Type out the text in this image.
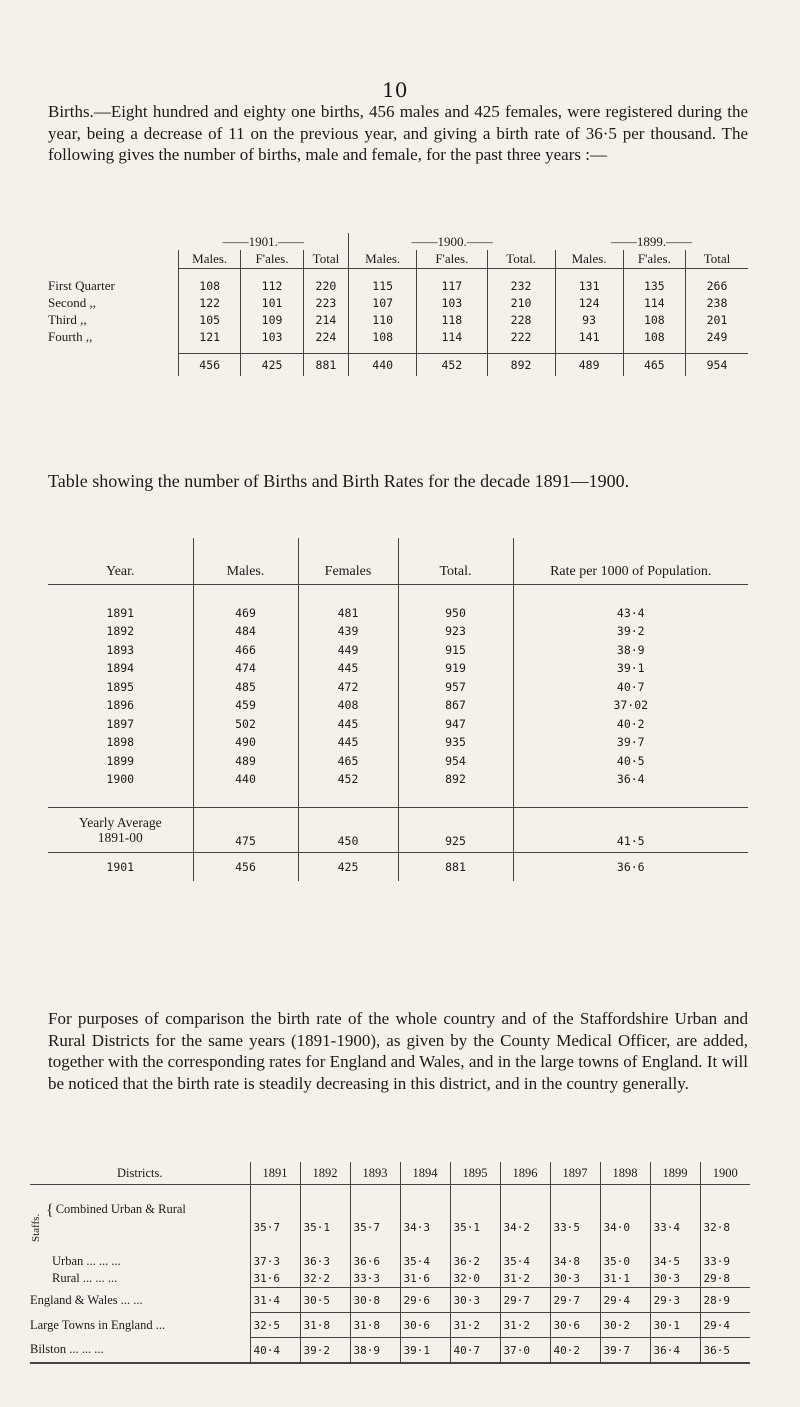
10
Births.—Eight hundred and eighty one births, 456 males and 425 females, were registered during the year, being a decrease of 11 on the previous year, and giving a birth rate of 36·5 per thousand. The following gives the number of births, male and female, for the past three years :—
	——1901.——			——1900.——			——1899.——		
	Males.	F'ales.	Total	Males.	F'ales.	Total.	Males.	F'ales.	Total

First Quarter	108	112	220	115	117	232	131	135	266
Second ,,	122	101	223	107	103	210	124	114	238
Third ,,	105	109	214	110	118	228	93	108	201
Fourth ,,	121	103	224	108	114	222	141	108	249

	456	425	881	440	452	892	489	465	954
Table showing the number of Births and Birth Rates for the decade 1891—1900.
Year.	Males.	Females	Total.	Rate per 1000 of Population.

1891	469	481	950	43·4
1892	484	439	923	39·2
1893	466	449	915	38·9
1894	474	445	919	39·1
1895	485	472	957	40·7
1896	459	408	867	37·02
1897	502	445	947	40·2
1898	490	445	935	39·7
1899	489	465	954	40·5
1900	440	452	892	36·4

Yearly Average
1891-00	475	450	925	41·5
1901	456	425	881	36·6
For purposes of comparison the birth rate of the whole country and of the Staffordshire Urban and Rural Districts for the same years (1891-1900), as given by the County Medical Officer, are added, together with the corresponding rates for England and Wales, and in the large towns of England. It will be noticed that the birth rate is steadily decreasing in this district, and in the country generally.
Districts.	1891	1892	1893	1894	1895	1896	1897	1898	1899	1900

Staffs.
{ Combined Urban & Rural	35·7	35·1	35·7	34·3	35·1	34·2	33·5	34·0	33·4	32·8
Urban ... ... ...	37·3	36·3	36·6	35·4	36·2	35·4	34·8	35·0	34·5	33·9
Rural ... ... ...	31·6	32·2	33·3	31·6	32·0	31·2	30·3	31·1	30·3	29·8
England & Wales ... ...	31·4	30·5	30·8	29·6	30·3	29·7	29·7	29·4	29·3	28·9
Large Towns in England ...	32·5	31·8	31·8	30·6	31·2	31·2	30·6	30·2	30·1	29·4
Bilston ... ... ...	40·4	39·2	38·9	39·1	40·7	37·0	40·2	39·7	36·4	36·5
